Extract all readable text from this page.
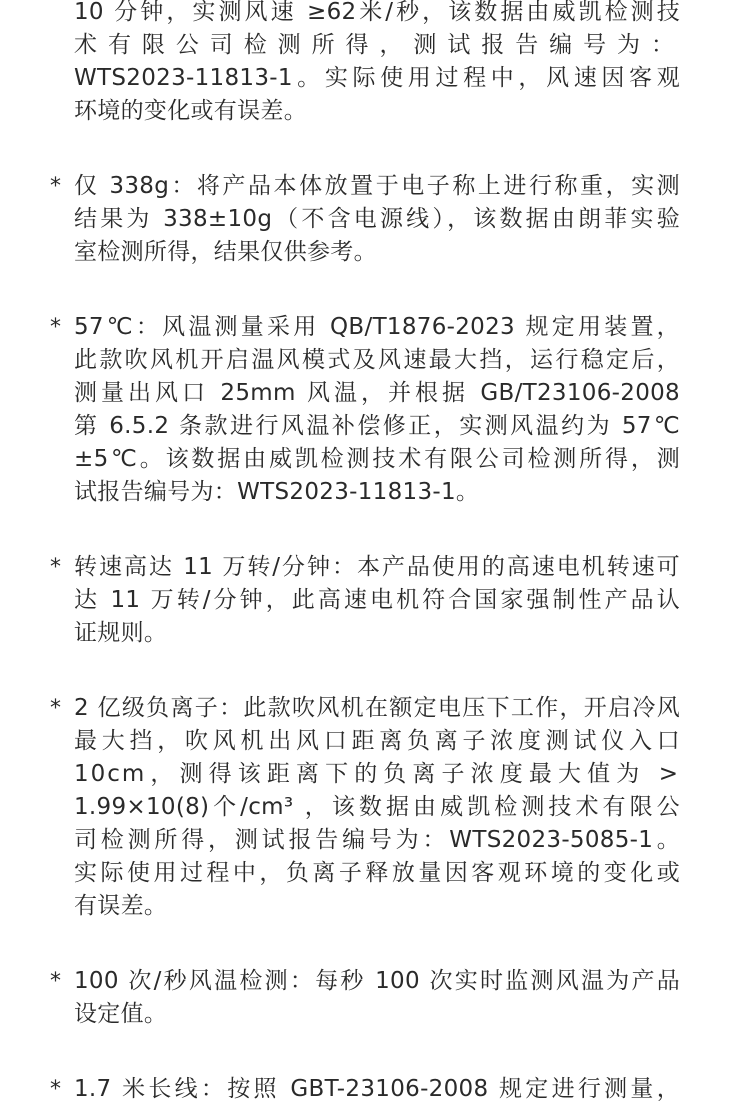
10 分钟，实测风速 ≥62米/秒，该数据由威凯检测技
术有限公司检测所得，测试报告编号为：
WTS2023-11813-1。实际使用过程中，风速因客观
环境的变化或有误差。
* 仅 338g：将产品本体放置于电子称上进行称重，实测
结果为 338±10g（不含电源线），该数据由朗菲实验
室检测所得，结果仅供参考。
* 57℃：风温测量采用 QB/T1876-2023 规定用装置，
此款吹风机开启温风模式及风速最大挡，运行稳定后，
测量出风口 25mm 风温，并根据 GB/T23106-2008
第 6.5.2 条款进行风温补偿修正，实测风温约为 57℃
±5℃。该数据由威凯检测技术有限公司检测所得，测
试报告编号为：WTS2023-11813-1。
* 转速高达 11 万转/分钟：本产品使用的高速电机转速可
达 11 万转/分钟，此高速电机符合国家强制性产品认
证规则。
* 2 亿级负离子：此款吹风机在额定电压下工作，开启冷风
最大挡，吹风机出风口距离负离子浓度测试仪入口
10cm，测得该距离下的负离子浓度最大值为 >
1.99×10(8)个/cm³ ，该数据由威凯检测技术有限公
司检测所得，测试报告编号为：WTS2023-5085-1。
实际使用过程中，负离子释放量因客观环境的变化或
有误差。
* 100 次/秒风温检测：每秒 100 次实时监测风温为产品
设定值。
* 1.7 米长线：按照 GBT-23106-2008 规定进行测量，
